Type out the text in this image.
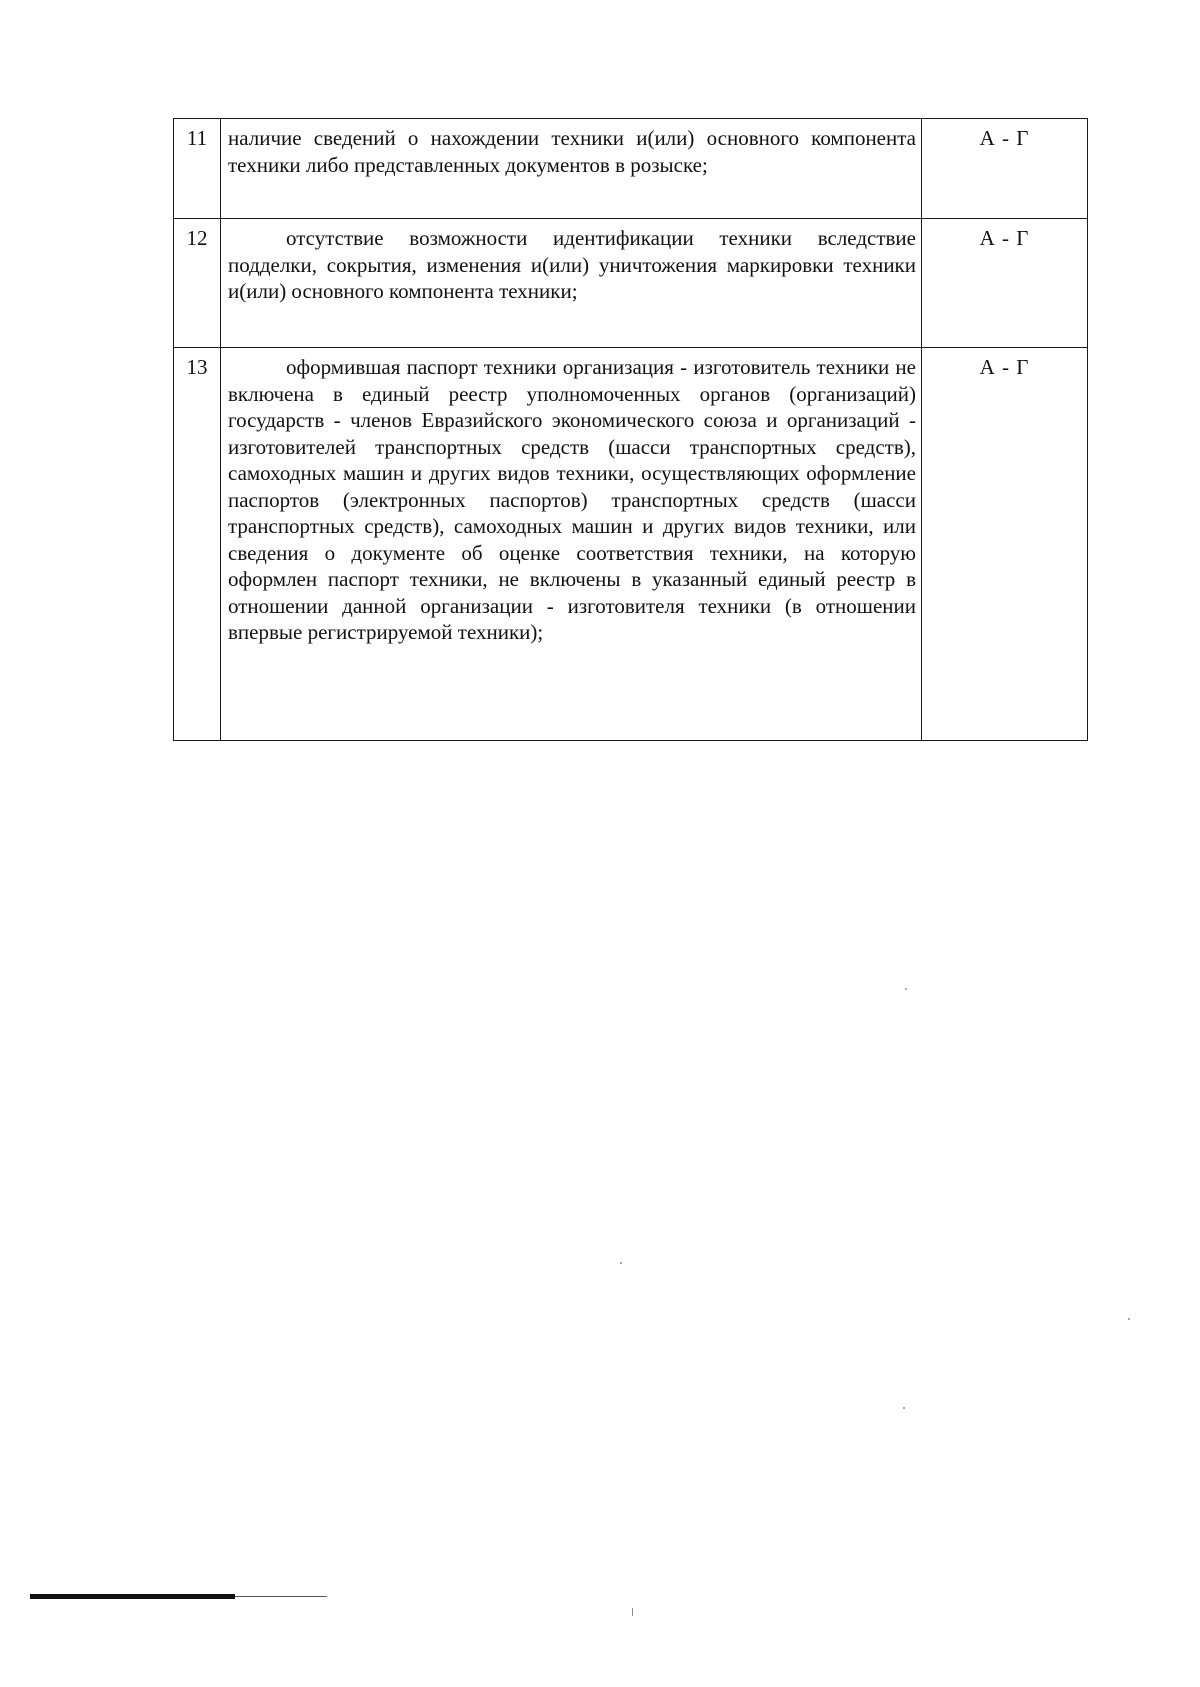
11	наличие сведений о нахождении техники и(или) основного компонента техники либо представленных документов в розыске;	А - Г
12	отсутствие возможности идентификации техники вследствие подделки, сокрытия, изменения и(или) уничтожения маркировки техники и(или) основного компонента техники;	А - Г
13	оформившая паспорт техники организация - изготовитель техники не включена в единый реестр уполномоченных органов (организаций) государств - членов Евразийского экономического союза и организаций - изготовителей транспортных средств (шасси транспортных средств), самоходных машин и других видов техники, осуществляющих оформление паспортов (электронных паспортов) транспортных средств (шасси транспортных средств), самоходных машин и других видов техники, или сведения о документе об оценке соответствия техники, на которую оформлен паспорт техники, не включены в указанный единый реестр в отношении данной организации - изготовителя техники (в отношении впервые регистрируемой техники);	А - Г
